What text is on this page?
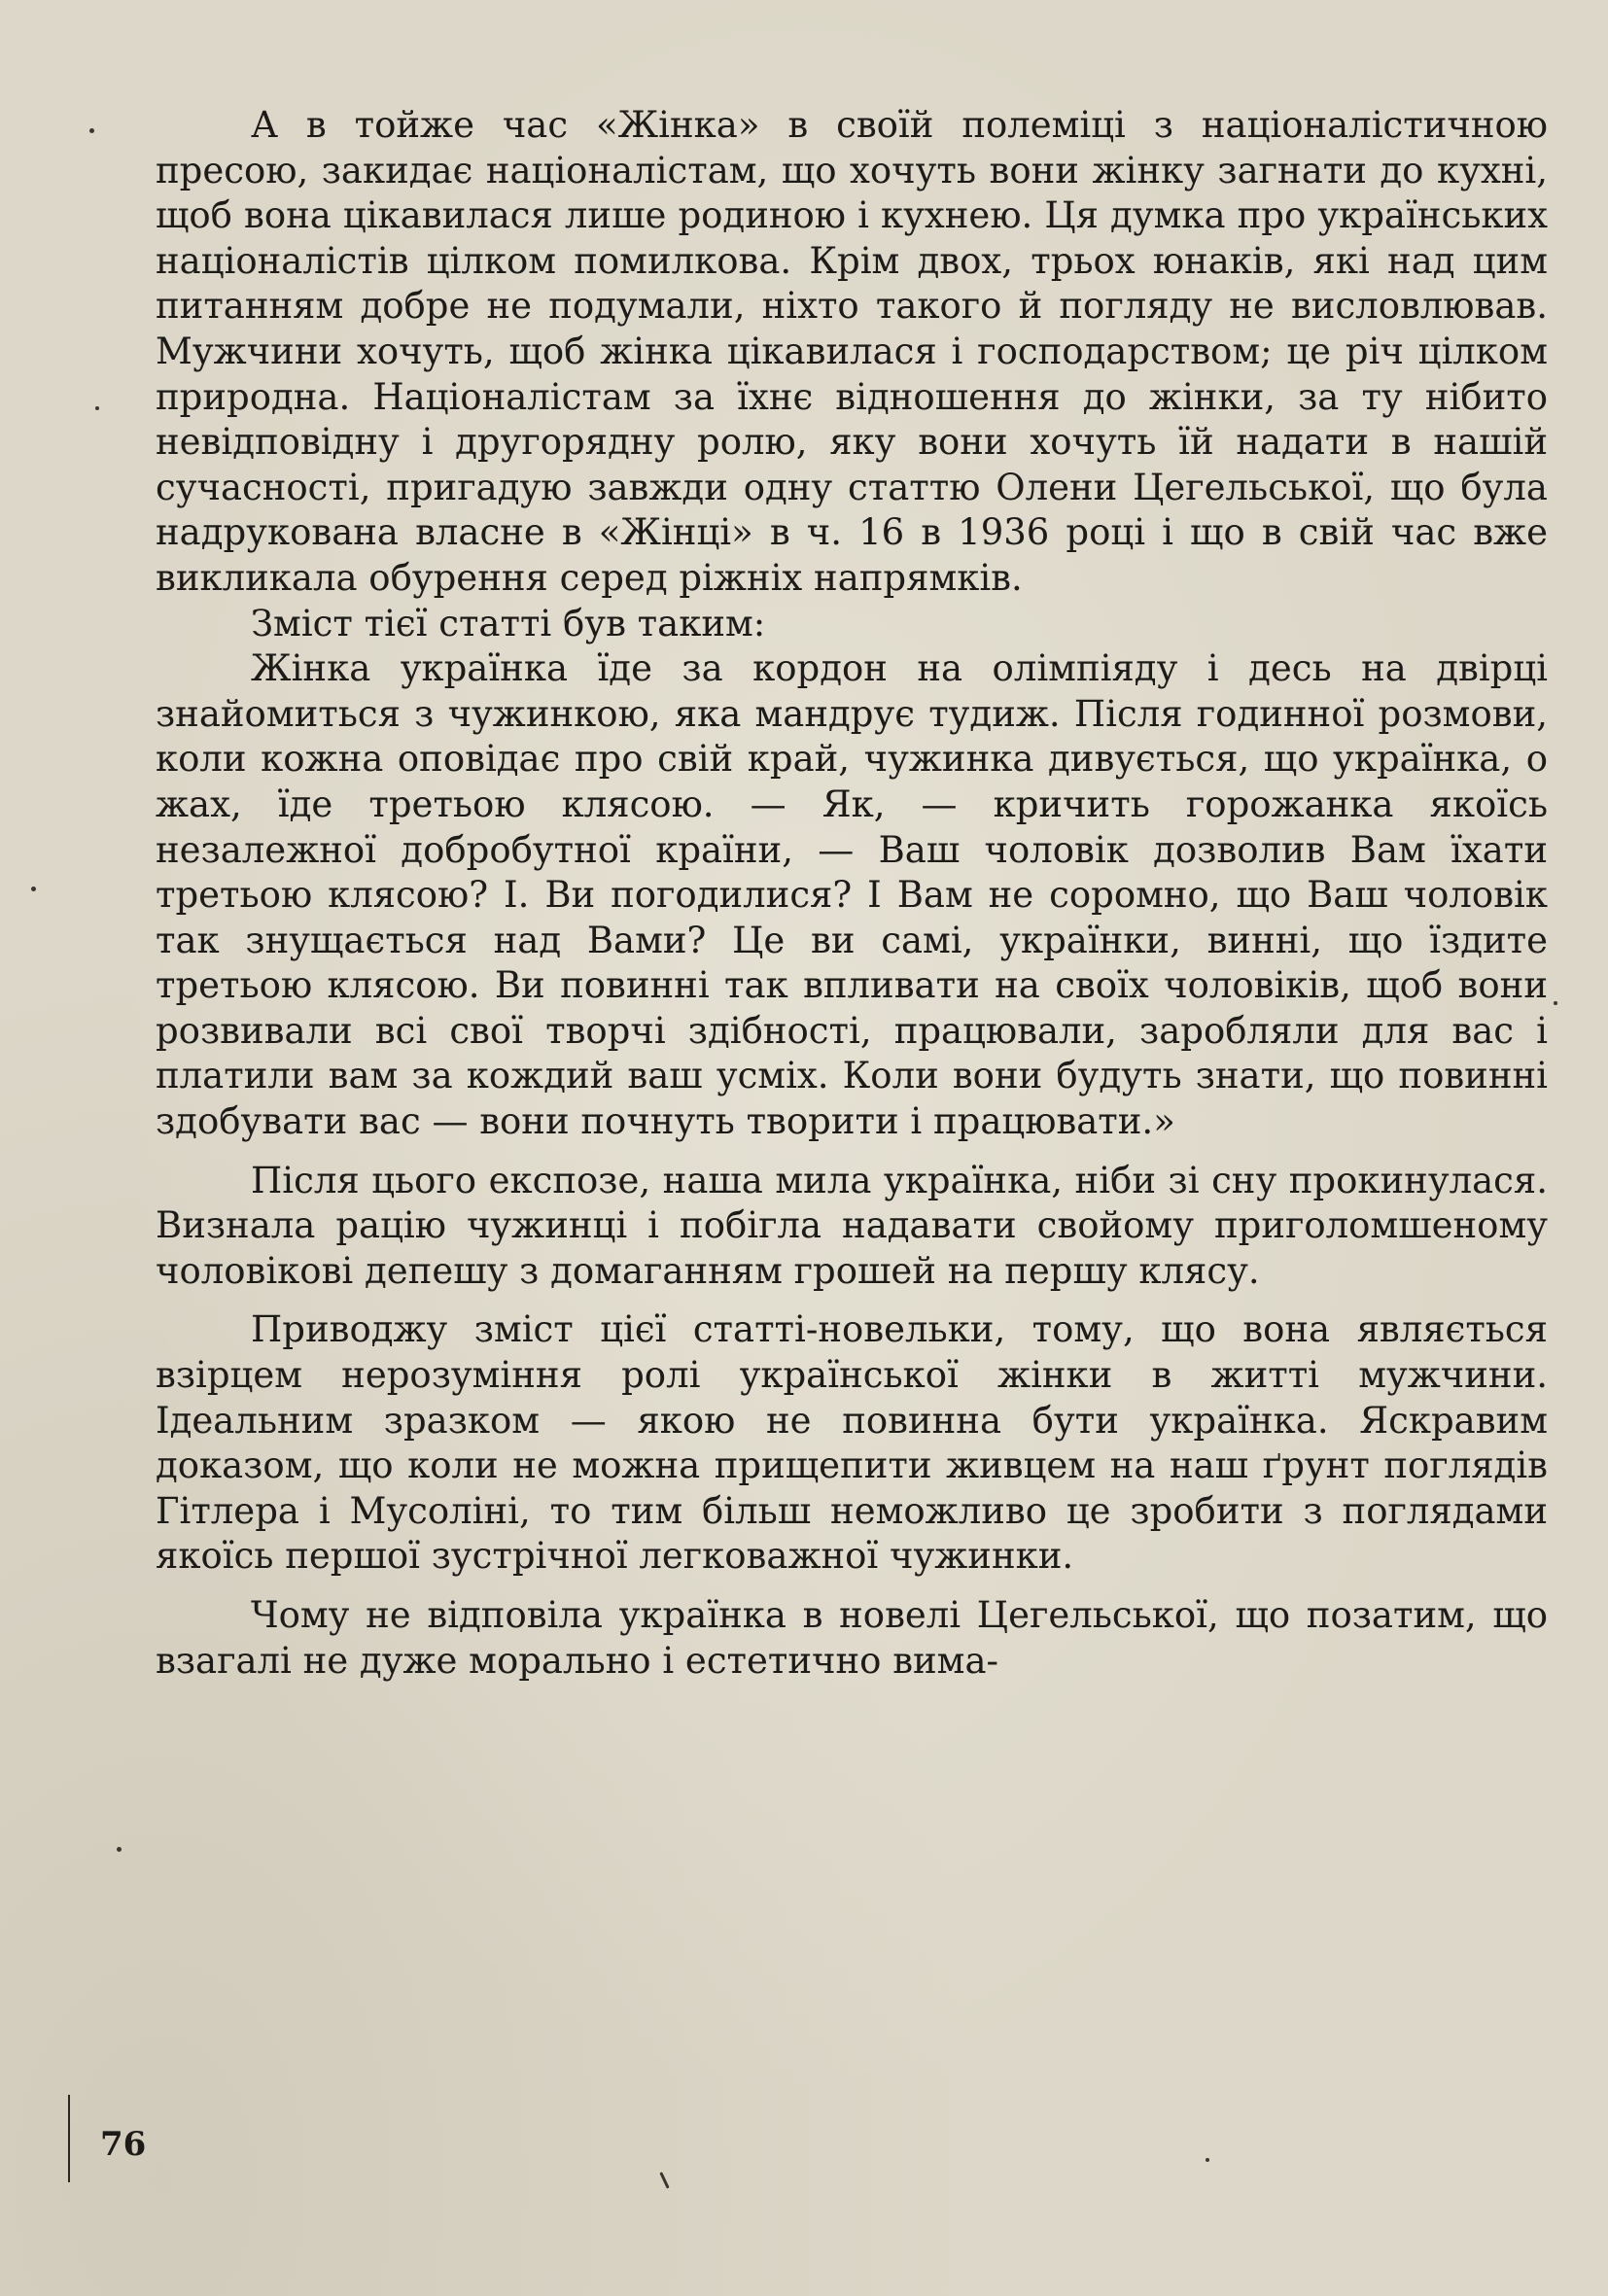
А в тойже час «Жінка» в своїй полеміці з націоналістичною пресою, закидає націоналістам, що хочуть вони жінку загнати до кухні, щоб вона цікавилася лише родиною і кухнею. Ця думка про українських націоналістів цілком помилкова. Крім двох, трьох юнаків, які над цим питанням добре не подумали, ніхто такого й погляду не висловлював. Мужчини хочуть, щоб жінка цікавилася і господарством; це річ цілком природна. Націоналістам за їхнє відношення до жінки, за ту нібито невідповідну і другорядну ролю, яку вони хочуть їй надати в нашій сучасності, пригадую завжди одну статтю Олени Цегельської, що була надрукована власне в «Жінці» в ч. 16 в 1936 році і що в свій час вже викликала обурення серед ріжніх напрямків.

Зміст тієї статті був таким:

Жінка українка їде за кордон на олімпіяду і десь на двірці знайомиться з чужинкою, яка мандрує тудиж. Після годинної розмови, коли кожна оповідає про свій край, чужинка дивується, що українка, о жах, їде третьою клясою. — Як, — кричить горожанка якоїсь незалежної добробутної країни, — Ваш чоловік дозволив Вам їхати третьою клясою? І. Ви погодилися? І Вам не соромно, що Ваш чоловік так знущається над Вами? Це ви самі, українки, винні, що їздите третьою клясою. Ви повинні так впливати на своїх чоловіків, щоб вони розвивали всі свої творчі здібності, працювали, заробляли для вас і платили вам за кождий ваш усміх. Коли вони будуть знати, що повинні здобувати вас — вони почнуть творити і працювати.»

Після цього експозе, наша мила українка, ніби зі сну прокинулася. Визнала рацію чужинці і побігла надавати свойому приголомшеному чоловікові депешу з домаганням грошей на першу клясу.

Приводжу зміст цієї статті-новельки, тому, що вона являється взірцем нерозуміння ролі української жінки в житті мужчини. Ідеальним зразком — якою не повинна бути українка. Яскравим доказом, що коли не можна прищепити живцем на наш ґрунт поглядів Гітлера і Мусоліні, то тим більш неможливо це зробити з поглядами якоїсь першої зустрічної легковажної чужинки.

Чому не відповіла українка в новелі Цегельської, що позатим, що взагалі не дуже морально і естетично вима-

76
